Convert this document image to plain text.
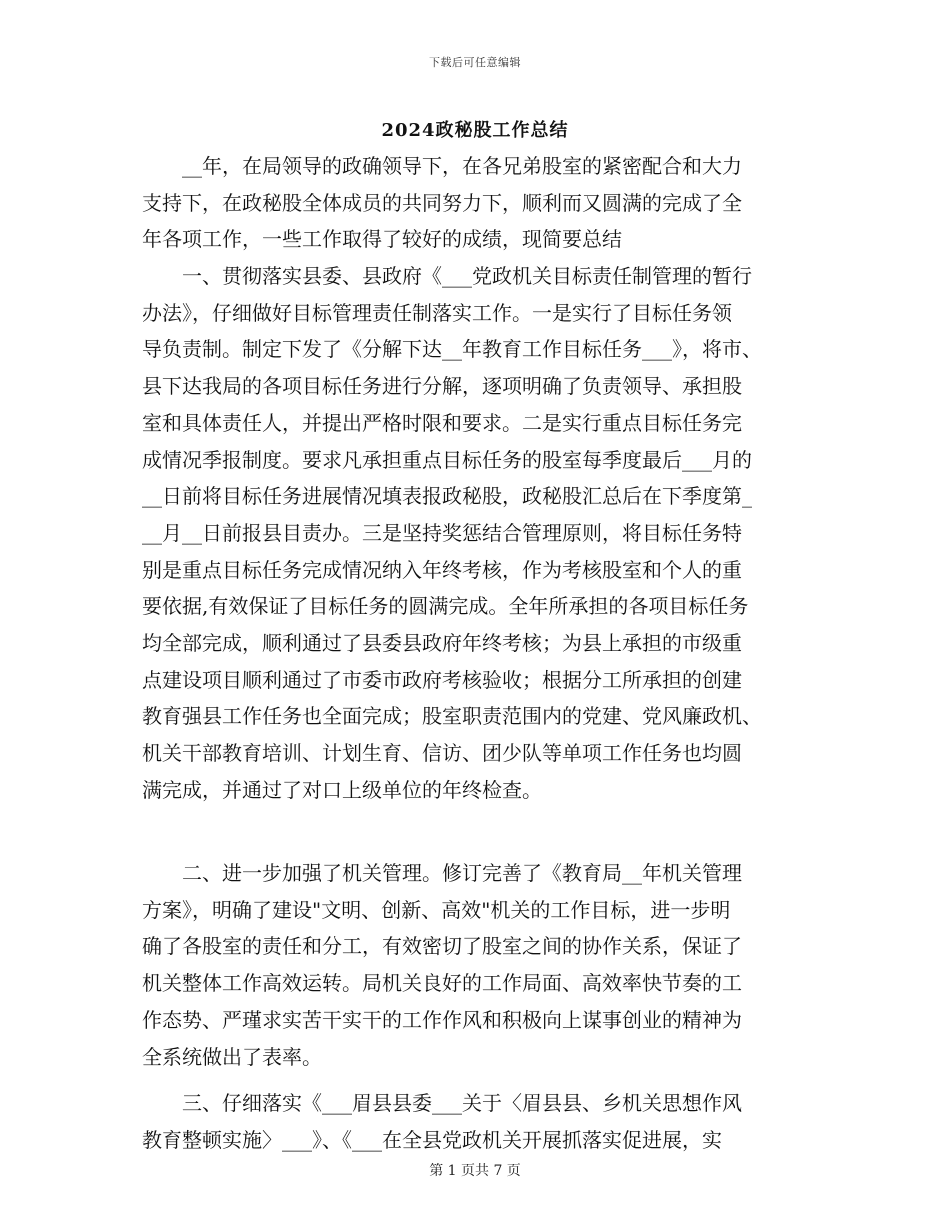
下载后可任意编辑
2024政秘股工作总结
__年，在局领导的政确领导下，在各兄弟股室的紧密配合和大力
支持下，在政秘股全体成员的共同努力下，顺利而又圆满的完成了全
年各项工作，一些工作取得了较好的成绩，现简要总结
一、贯彻落实县委、县政府《___党政机关目标责任制管理的暂行
办法》，仔细做好目标管理责任制落实工作。一是实行了目标任务领
导负责制。制定下发了《分解下达__年教育工作目标任务___》，将市、
县下达我局的各项目标任务进行分解，逐项明确了负责领导、承担股
室和具体责任人，并提出严格时限和要求。二是实行重点目标任务完
成情况季报制度。要求凡承担重点目标任务的股室每季度最后___月的
__日前将目标任务进展情况填表报政秘股，政秘股汇总后在下季度第_
__月__日前报县目责办。三是坚持奖惩结合管理原则，将目标任务特
别是重点目标任务完成情况纳入年终考核，作为考核股室和个人的重
要依据,有效保证了目标任务的圆满完成。全年所承担的各项目标任务
均全部完成，顺利通过了县委县政府年终考核；为县上承担的市级重
点建设项目顺利通过了市委市政府考核验收；根据分工所承担的创建
教育强县工作任务也全面完成；股室职责范围内的党建、党风廉政机、
机关干部教育培训、计划生育、信访、团少队等单项工作任务也均圆
满完成，并通过了对口上级单位的年终检查。
二、进一步加强了机关管理。修订完善了《教育局__年机关管理
方案》，明确了建设"文明、创新、高效"机关的工作目标，进一步明
确了各股室的责任和分工，有效密切了股室之间的协作关系，保证了
机关整体工作高效运转。局机关良好的工作局面、高效率快节奏的工
作态势、严瑾求实苦干实干的工作作风和积极向上谋事创业的精神为
全系统做出了表率。
三、仔细落实《___眉县县委___关于〈眉县县、乡机关思想作风
教育整顿实施〉___》、《___在全县党政机关开展抓落实促进展，实
第 1 页共 7 页
